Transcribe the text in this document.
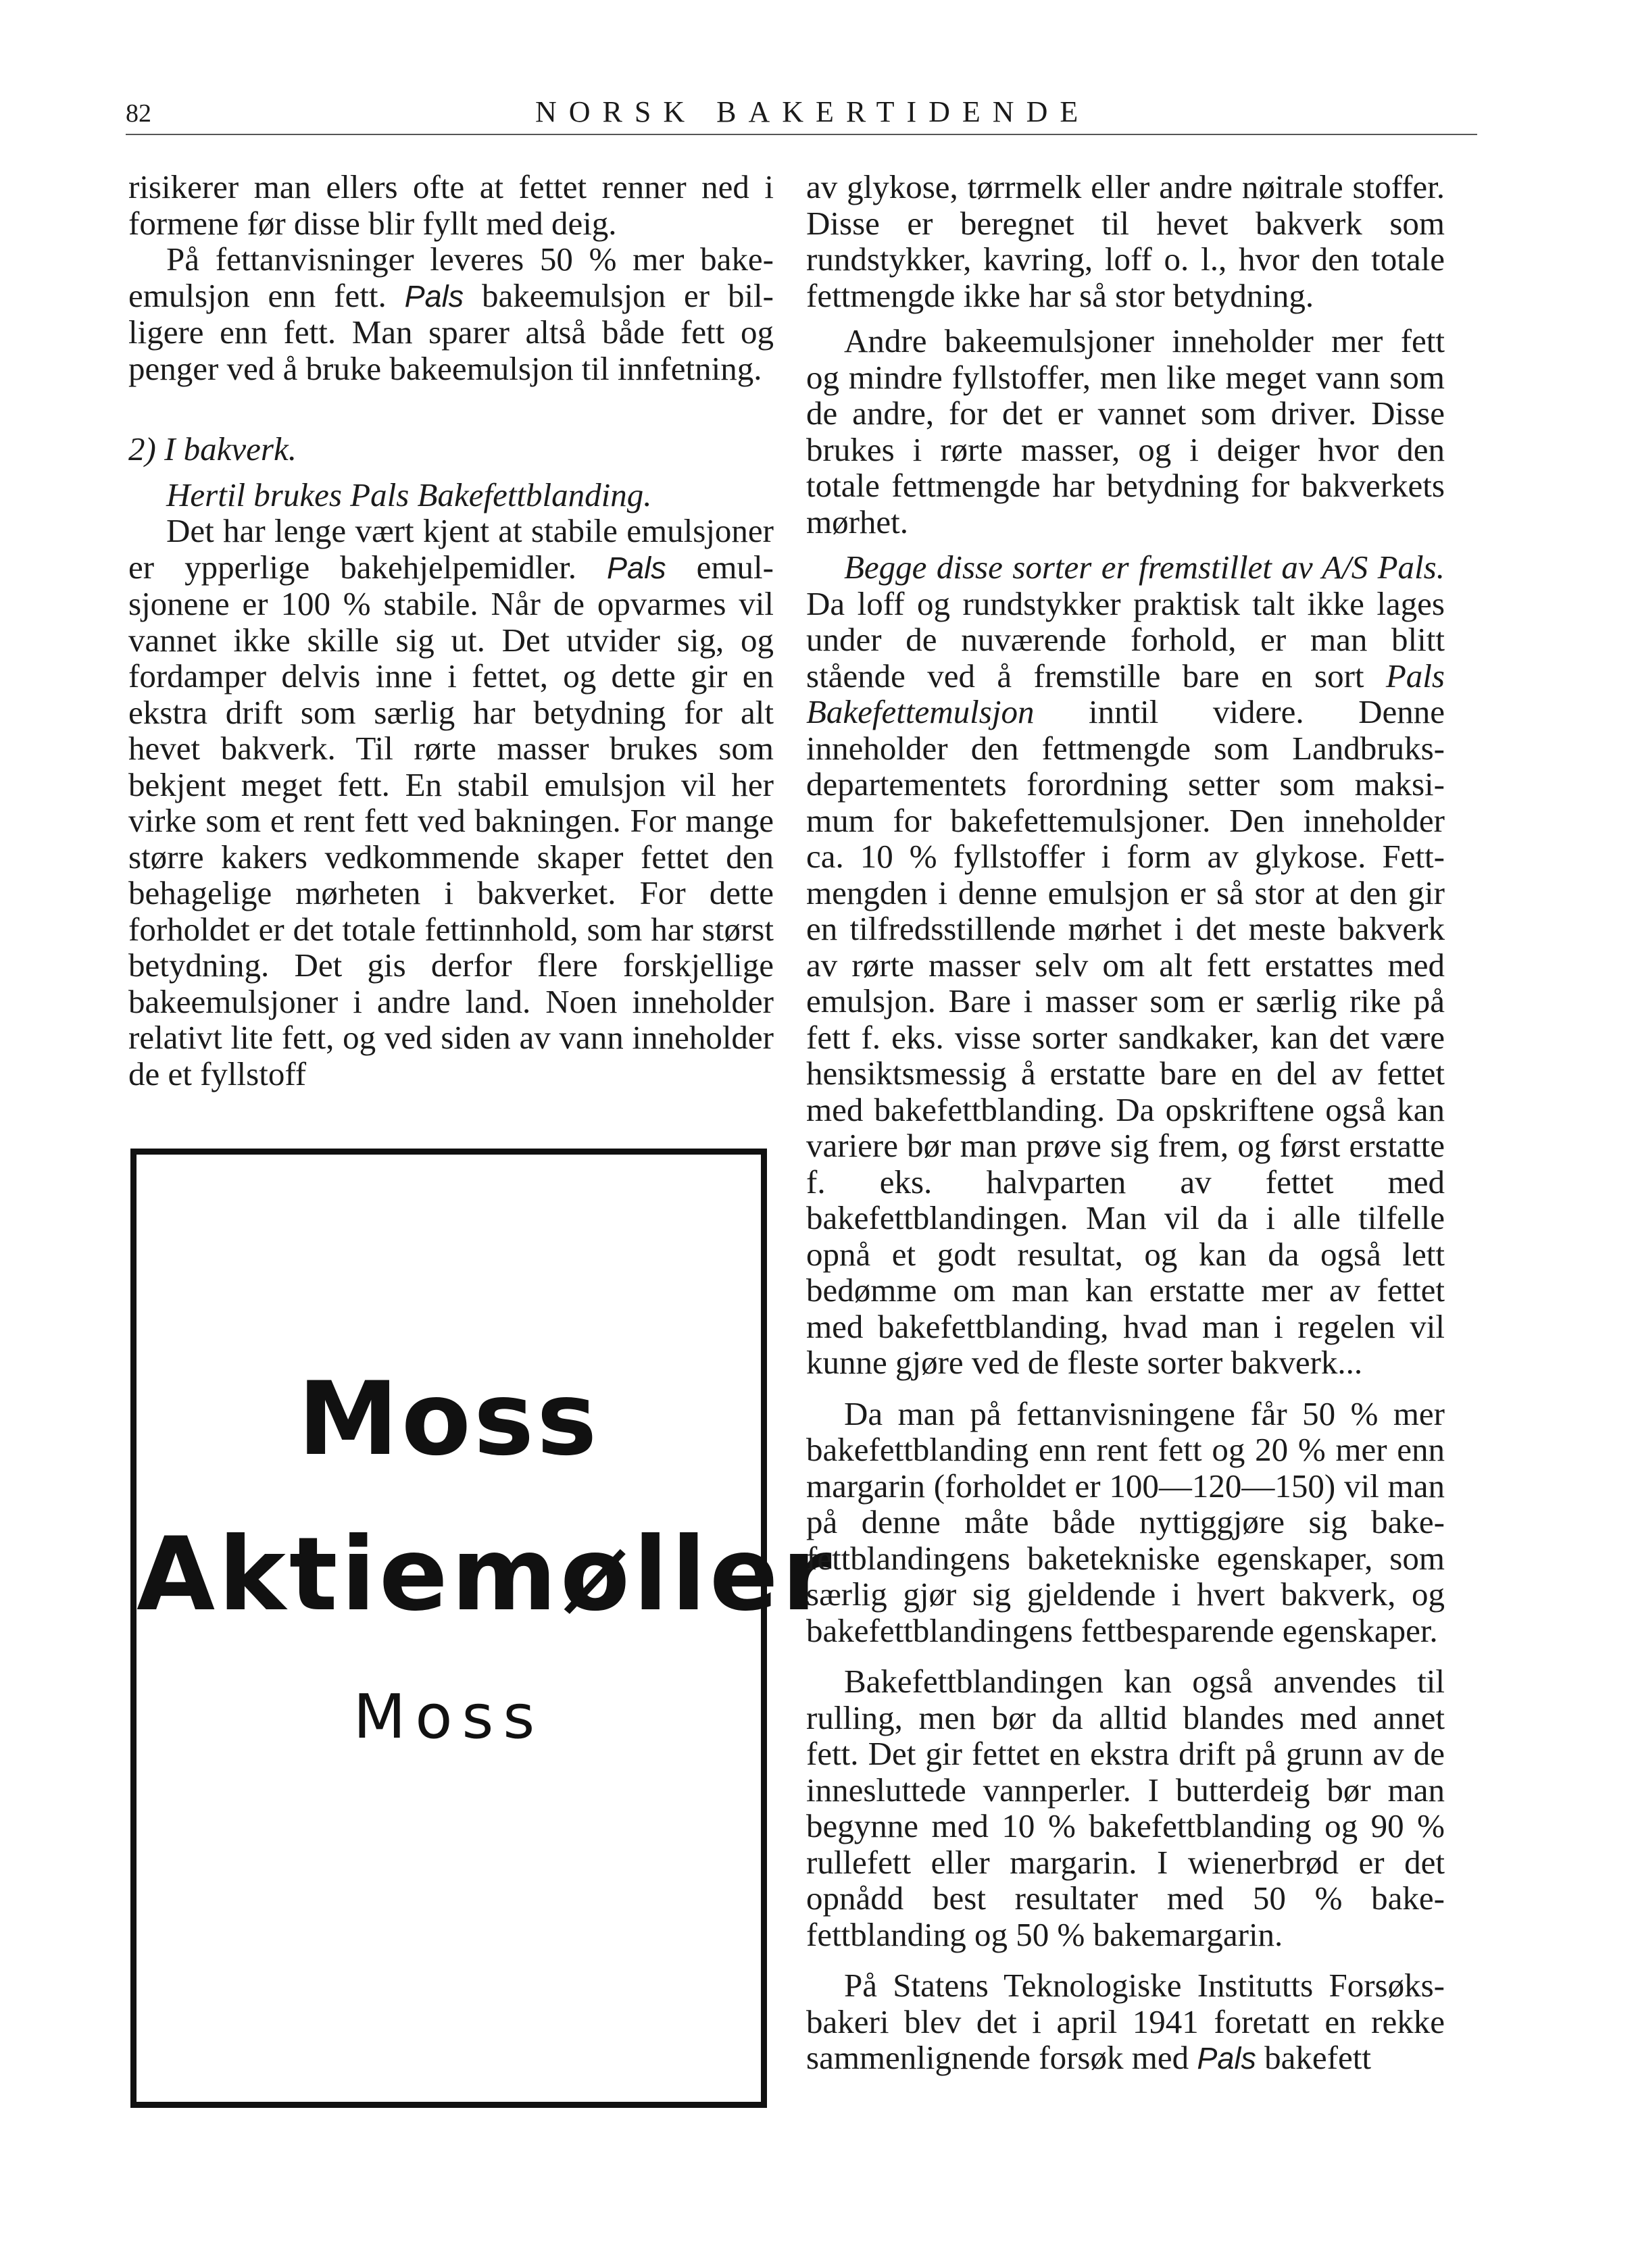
82	NORSK BAKERTIDENDE

risikerer man ellers ofte at fettet renner ned i formene før disse blir fyllt med deig.

På fettanvisninger leveres 50 % mer bakeemulsjon enn fett. Pals bakeemulsjon er billigere enn fett. Man sparer altså både fett og penger ved å bruke bakeemulsjon til innfetning.

2) I bakverk.

Hertil brukes Pals Bakefettblanding.

Det har lenge vært kjent at stabile emulsjoner er ypperlige bakehjelpemidler. Pals emulsjonene er 100 % stabile. Når de opvarmes vil vannet ikke skille sig ut. Det utvider sig, og fordamper delvis inne i fettet, og dette gir en ekstra drift som særlig har betydning for alt hevet bakverk. Til rørte masser brukes som bekjent meget fett. En stabil emulsjon vil her virke som et rent fett ved bakningen. For mange større kakers vedkommende skaper fettet den behagelige mørheten i bakverket. For dette forholdet er det totale fettinnhold, som har størst betydning. Det gis derfor flere forskjellige bakeemulsjoner i andre land. Noen inneholder relativt lite fett, og ved siden av vann inneholder de et fyllstoff

Moss
Aktiemøller
Moss

av glykose, tørrmelk eller andre nøitrale stoffer. Disse er beregnet til hevet bakverk som rundstykker, kavring, loff o. l., hvor den totale fettmengde ikke har så stor betydning.

Andre bakeemulsjoner inneholder mer fett og mindre fyllstoffer, men like meget vann som de andre, for det er vannet som driver. Disse brukes i rørte masser, og i deiger hvor den totale fettmengde har betydning for bakverkets mørhet.

Begge disse sorter er fremstillet av A/S Pals. Da loff og rundstykker praktisk talt ikke lages under de nuværende forhold, er man blitt stående ved å fremstille bare en sort Pals Bakefettemulsjon inntil videre. Denne inneholder den fettmengde som Landbruksdepartementets forordning setter som maksimum for bakefettemulsjoner. Den inneholder ca. 10 % fyllstoffer i form av glykose. Fettmengden i denne emulsjon er så stor at den gir en tilfredsstillende mørhet i det meste bakverk av rørte masser selv om alt fett erstattes med emulsjon. Bare i masser som er særlig rike på fett f. eks. visse sorter sandkaker, kan det være hensiktsmessig å erstatte bare en del av fettet med bakefettblanding. Da opskriftene også kan variere bør man prøve sig frem, og først erstatte f. eks. halvparten av fettet med bakefettblandingen. Man vil da i alle tilfelle opnå et godt resultat, og kan da også lett bedømme om man kan erstatte mer av fettet med bakefettblanding, hvad man i regelen vil kunne gjøre ved de fleste sorter bakverk...

Da man på fettanvisningene får 50 % mer bakefettblanding enn rent fett og 20 % mer enn margarin (forholdet er 100—120—150) vil man på denne måte både nyttiggjøre sig bakefettblandingens baketekniske egenskaper, som særlig gjør sig gjeldende i hvert bakverk, og bakefettblandingens fettbesparende egenskaper.

Bakefettblandingen kan også anvendes til rulling, men bør da alltid blandes med annet fett. Det gir fettet en ekstra drift på grunn av de innesluttede vannperler. I butterdeig bør man begynne med 10 % bakefettblanding og 90 % rullefett eller margarin. I wienerbrød er det opnådd best resultater med 50 % bakefettblanding og 50 % bakemargarin.

På Statens Teknologiske Institutts Forsøksbakeri blev det i april 1941 foretatt en rekke sammenlignende forsøk med Pals bakefett
